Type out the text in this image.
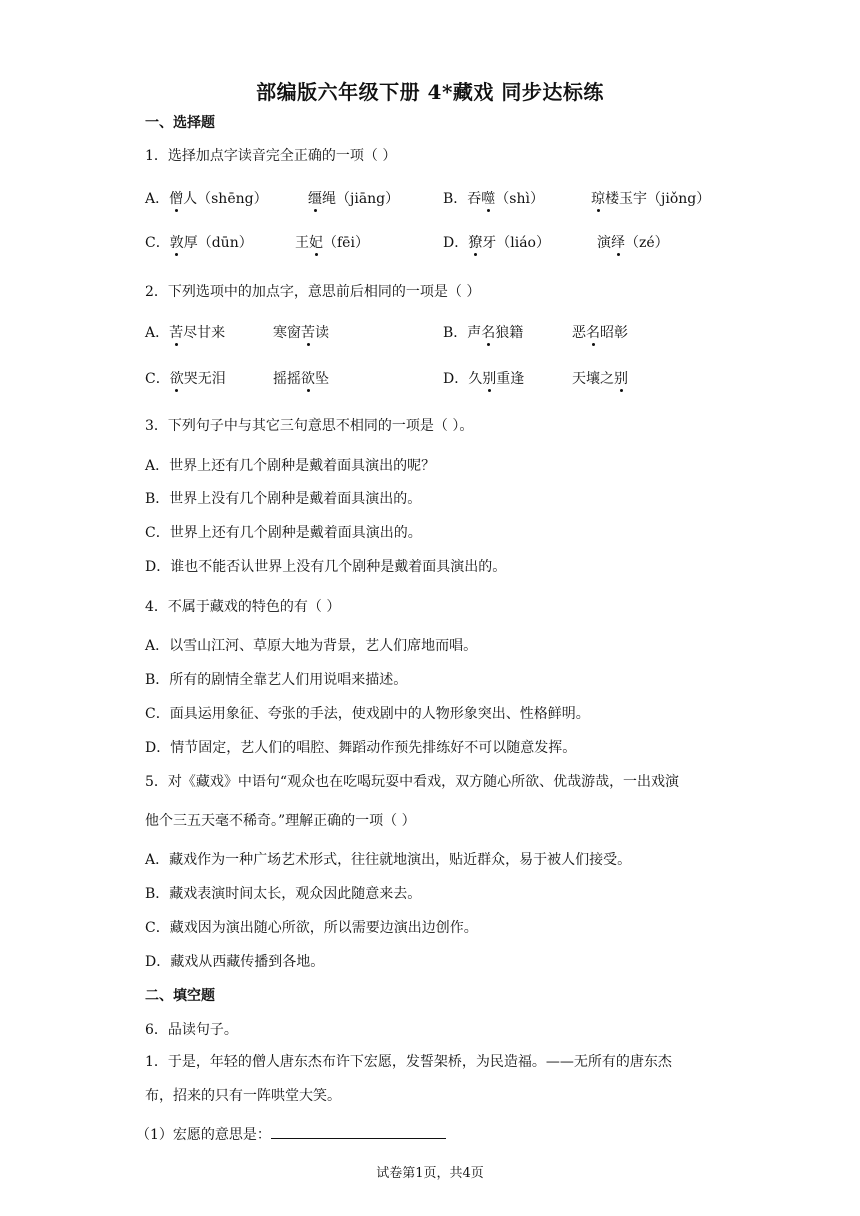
部编版六年级下册 4*藏戏 同步达标练
一、选择题
1．选择加点字读音完全正确的一项（ ）
A．僧人（shēng）	缰绳（jiāng）	B．吞噬（shì）	琼楼玉宇（jiǒng）
C．敦厚（dūn）	王妃（fēi）	D．獠牙（liáo）	演绎（zé）
2．下列选项中的加点字，意思前后相同的一项是（ ）
A．苦尽甘来	寒窗苦读	B．声名狼籍	恶名昭彰
C．欲哭无泪	摇摇欲坠	D．久别重逢	天壤之别
3．下列句子中与其它三句意思不相同的一项是（ ）。
A．世界上还有几个剧种是戴着面具演出的呢？
B．世界上没有几个剧种是戴着面具演出的。
C．世界上还有几个剧种是戴着面具演出的。
D．谁也不能否认世界上没有几个剧种是戴着面具演出的。
4．不属于藏戏的特色的有（ ）
A．以雪山江河、草原大地为背景，艺人们席地而唱。
B．所有的剧情全靠艺人们用说唱来描述。
C．面具运用象征、夸张的手法，使戏剧中的人物形象突出、性格鲜明。
D．情节固定，艺人们的唱腔、舞蹈动作预先排练好不可以随意发挥。
5．对《藏戏》中语句“观众也在吃喝玩耍中看戏，双方随心所欲、优哉游哉，一出戏演
他个三五天毫不稀奇。”理解正确的一项（ ）
A．藏戏作为一种广场艺术形式，往往就地演出，贴近群众，易于被人们接受。
B．藏戏表演时间太长，观众因此随意来去。
C．藏戏因为演出随心所欲，所以需要边演出边创作。
D．藏戏从西藏传播到各地。
二、填空题
6．品读句子。
1．于是，年轻的僧人唐东杰布许下宏愿，发誓架桥，为民造福。——无所有的唐东杰
布，招来的只有一阵哄堂大笑。
（1）宏愿的意思是：
试卷第1页，共4页
